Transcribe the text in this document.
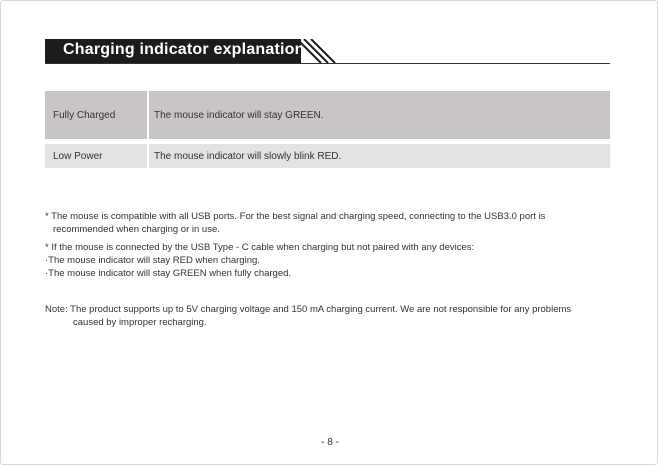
Charging indicator explanation
Fully Charged	The mouse indicator will stay GREEN.
Low Power	The mouse indicator will slowly blink RED.

* The mouse is compatible with all USB ports. For the best signal and charging speed, connecting to the USB3.0 port is

recommended when charging or in use.

* If the mouse is connected by the USB Type - C cable when charging but not paired with any devices:

·The mouse indicator will stay RED when charging.

·The mouse indicator will stay GREEN when fully charged.

Note: The product supports up to 5V charging voltage and 150 mA charging current. We are not responsible for any problems

caused by improper recharging.

- 8 -
